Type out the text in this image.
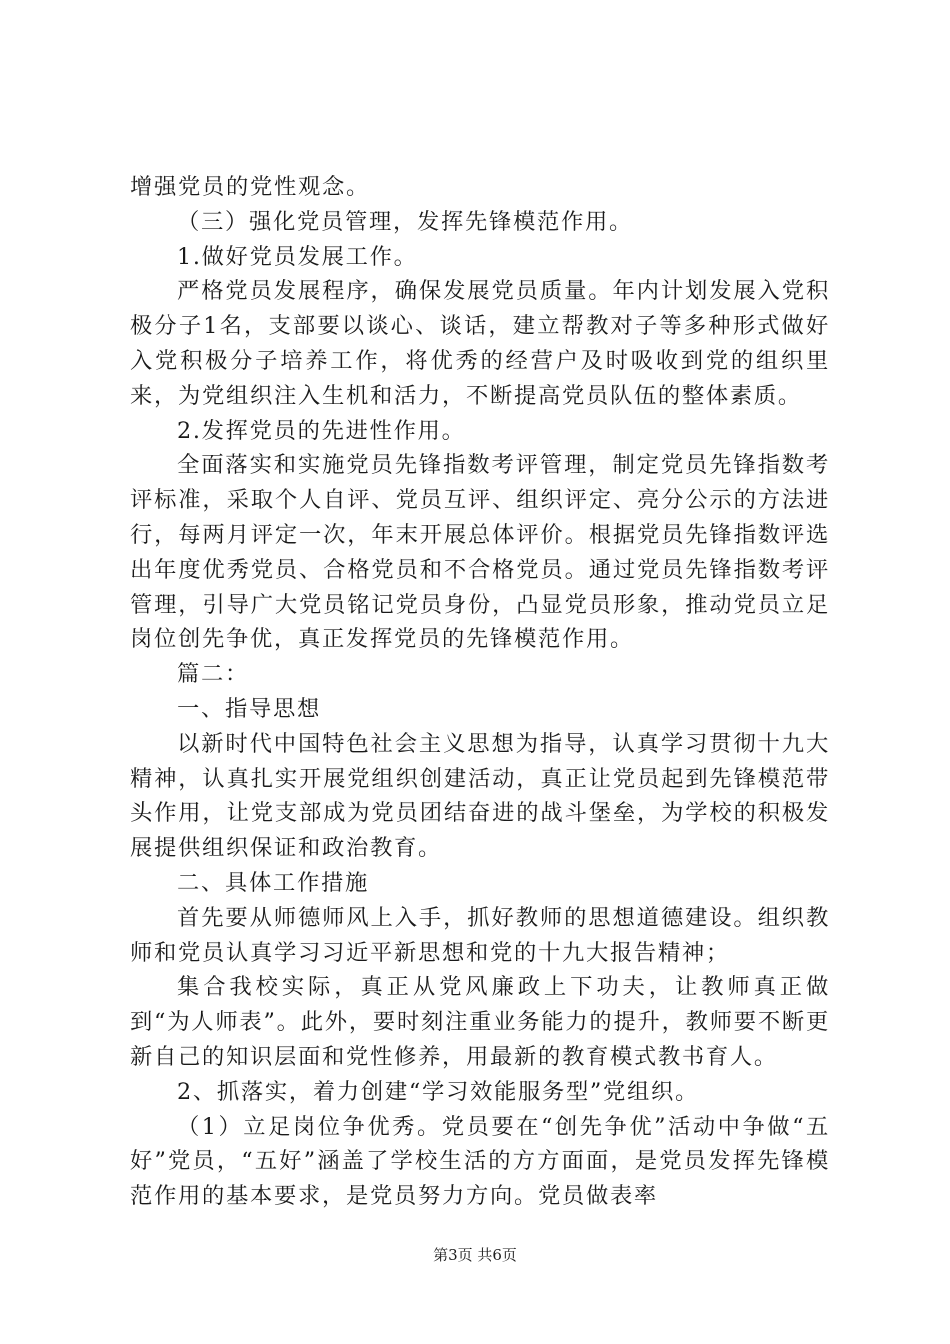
增强党员的党性观念。

（三）强化党员管理，发挥先锋模范作用。

1.做好党员发展工作。

严格党员发展程序，确保发展党员质量。年内计划发展入党积极分子1名，支部要以谈心、谈话，建立帮教对子等多种形式做好入党积极分子培养工作，将优秀的经营户及时吸收到党的组织里来，为党组织注入生机和活力，不断提高党员队伍的整体素质。

2.发挥党员的先进性作用。

全面落实和实施党员先锋指数考评管理，制定党员先锋指数考评标准，采取个人自评、党员互评、组织评定、亮分公示的方法进行，每两月评定一次，年末开展总体评价。根据党员先锋指数评选出年度优秀党员、合格党员和不合格党员。通过党员先锋指数考评管理，引导广大党员铭记党员身份，凸显党员形象，推动党员立足岗位创先争优，真正发挥党员的先锋模范作用。

篇二：

一、指导思想

以新时代中国特色社会主义思想为指导，认真学习贯彻十九大精神，认真扎实开展党组织创建活动，真正让党员起到先锋模范带头作用，让党支部成为党员团结奋进的战斗堡垒，为学校的积极发展提供组织保证和政治教育。

二、具体工作措施

首先要从师德师风上入手，抓好教师的思想道德建设。组织教师和党员认真学习习近平新思想和党的十九大报告精神；

集合我校实际，真正从党风廉政上下功夫，让教师真正做到“为人师表”。此外，要时刻注重业务能力的提升，教师要不断更新自己的知识层面和党性修养，用最新的教育模式教书育人。

2、抓落实，着力创建“学习效能服务型”党组织。

（1）立足岗位争优秀。党员要在“创先争优”活动中争做“五好”党员，“五好”涵盖了学校生活的方方面面，是党员发挥先锋模范作用的基本要求，是党员努力方向。党员做表率

第3页 共6页
